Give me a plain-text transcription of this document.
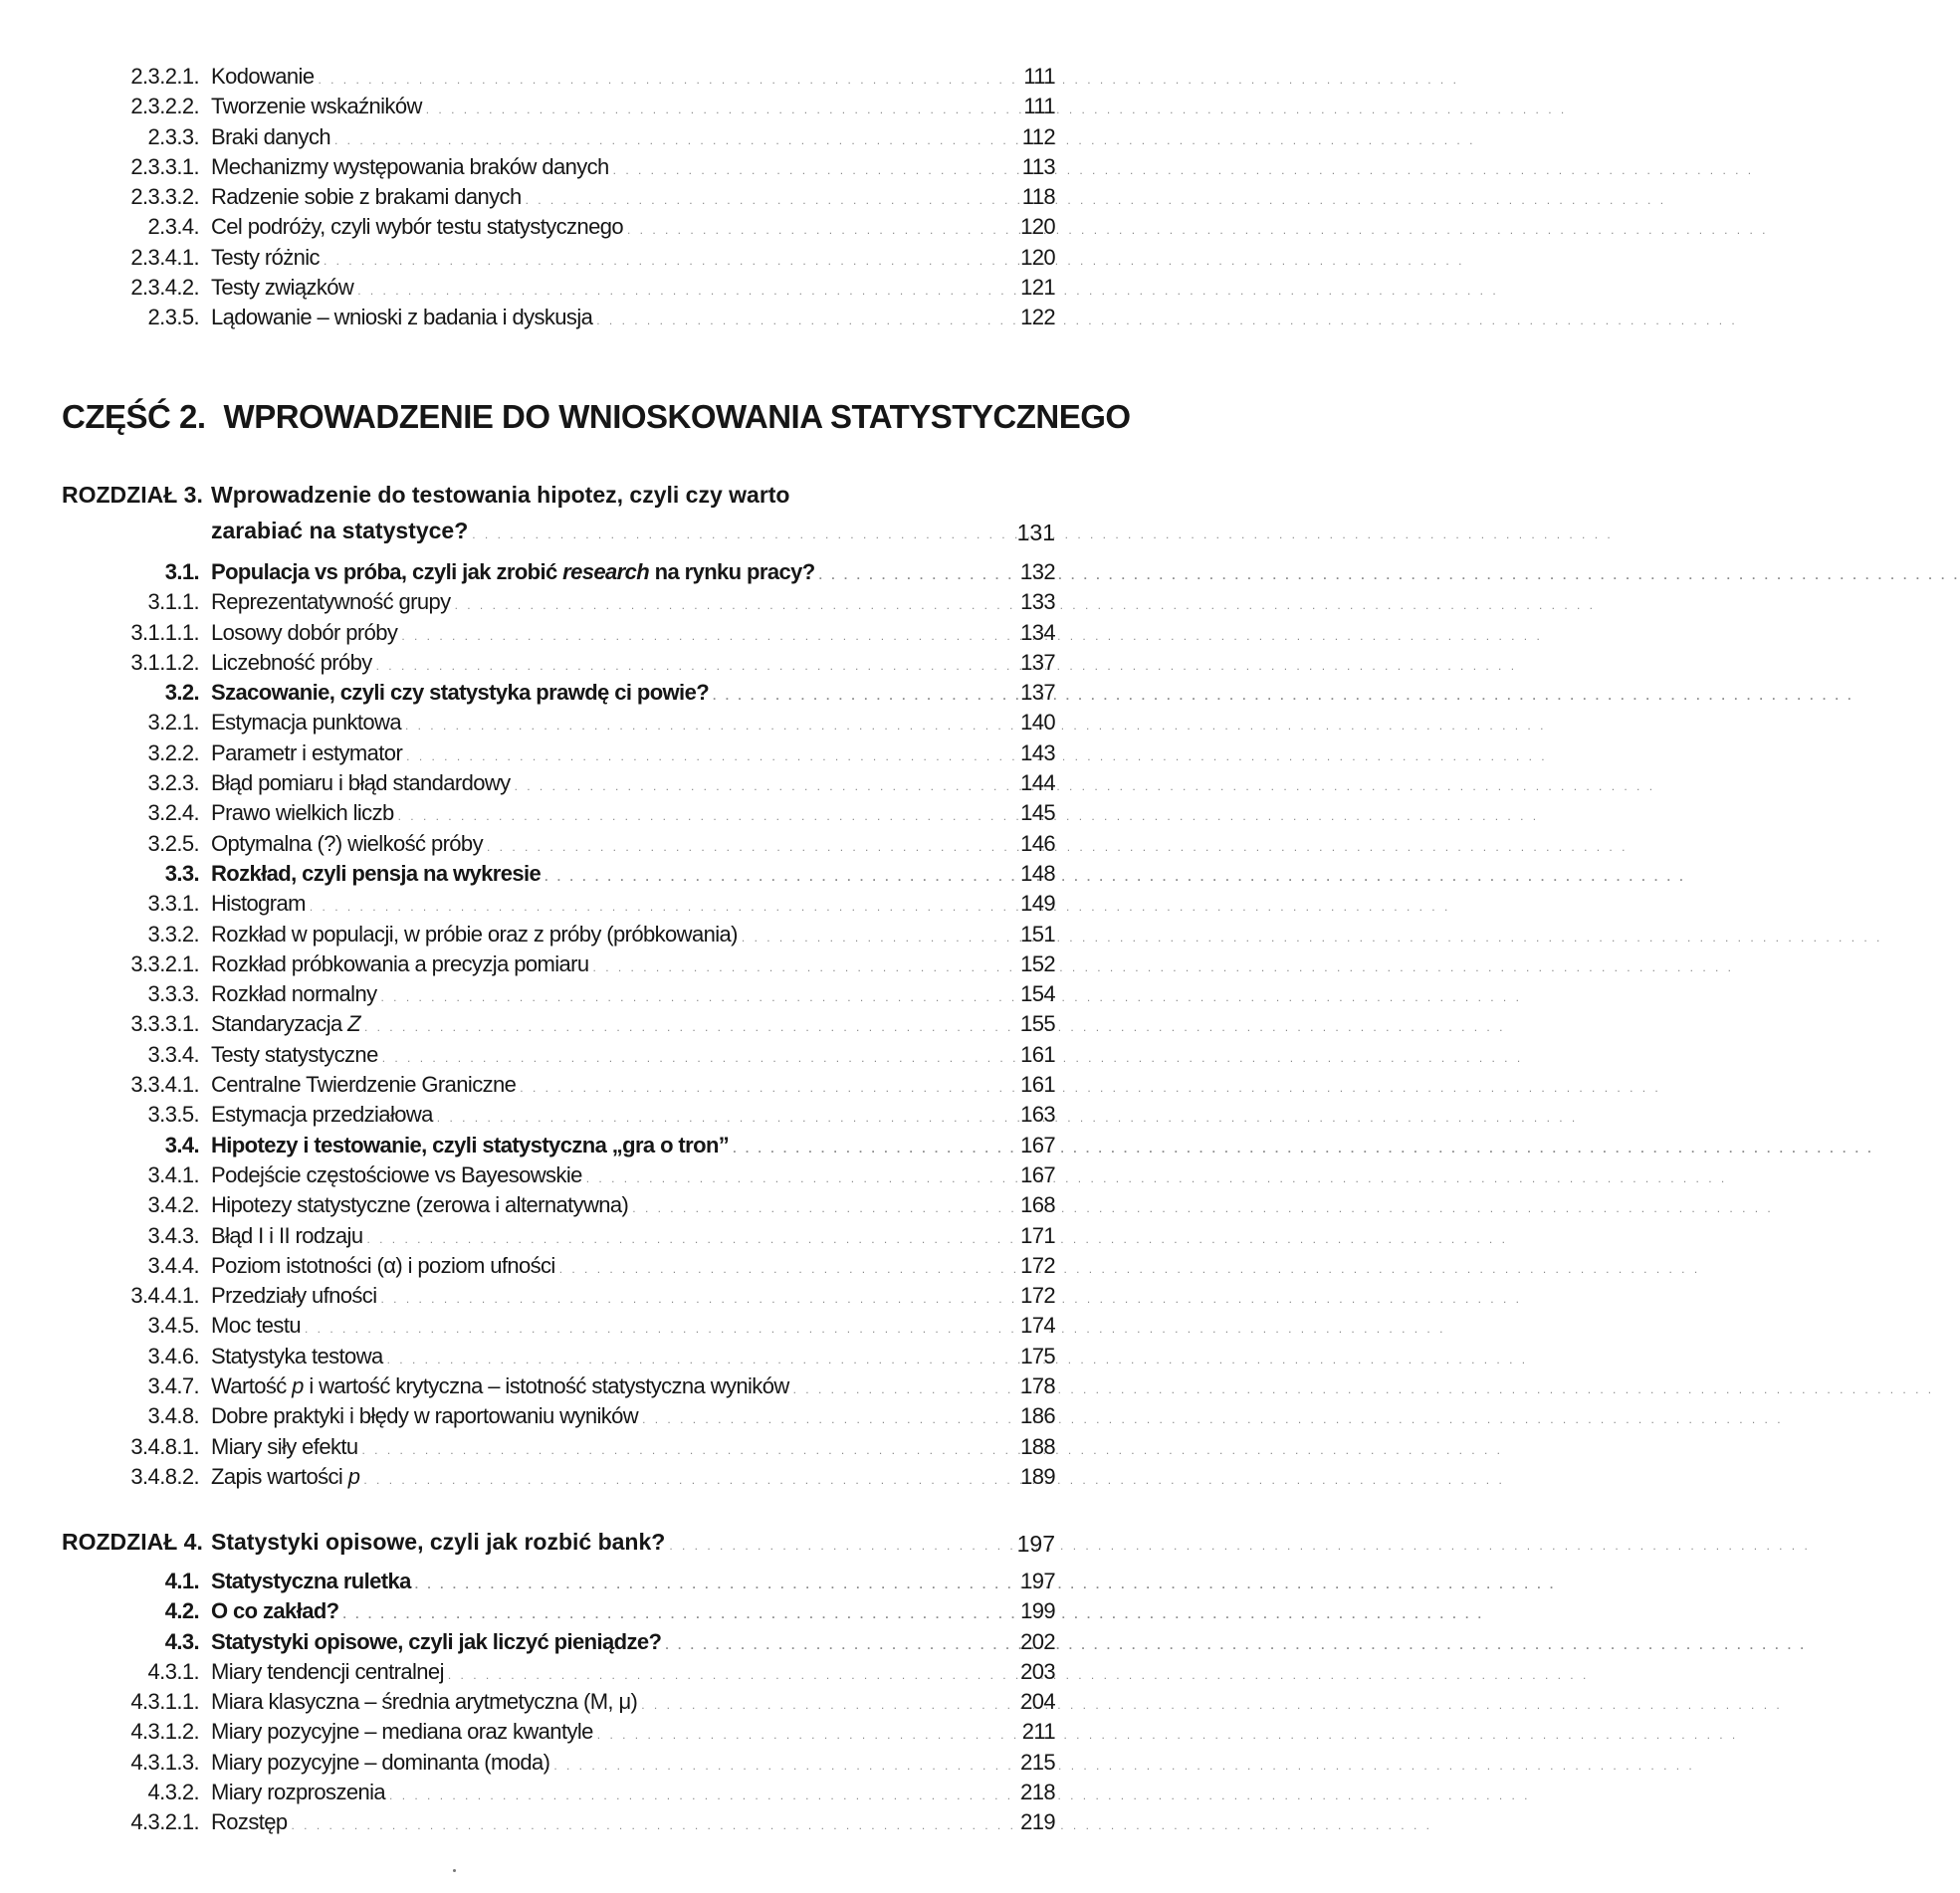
2.3.2.1. Kodowanie . . .	111
2.3.2.2. Tworzenie wskaźników . . .	111
2.3.3. Braki danych . . .	112
2.3.3.1. Mechanizmy występowania braków danych . . .	113
2.3.3.2. Radzenie sobie z brakami danych . . .	118
2.3.4. Cel podróży, czyli wybór testu statystycznego . . .	120
2.3.4.1. Testy różnic . . .	120
2.3.4.2. Testy związków . . .	121
2.3.5. Lądowanie – wnioski z badania i dyskusja . . .	122
CZĘŚĆ 2. WPROWADZENIE DO WNIOSKOWANIA STATYSTYCZNEGO
ROZDZIAŁ 3. Wprowadzenie do testowania hipotez, czyli czy warto
zarabiać na statystyce? . . .	131
3.1. Populacja vs próba, czyli jak zrobić research na rynku pracy? . . .	132
3.1.1. Reprezentatywność grupy . . .	133
3.1.1.1. Losowy dobór próby . . .	134
3.1.1.2. Liczebność próby . . .	137
3.2. Szacowanie, czyli czy statystyka prawdę ci powie? . . .	137
3.2.1. Estymacja punktowa . . .	140
3.2.2. Parametr i estymator . . .	143
3.2.3. Błąd pomiaru i błąd standardowy . . .	144
3.2.4. Prawo wielkich liczb . . .	145
3.2.5. Optymalna (?) wielkość próby . . .	146
3.3. Rozkład, czyli pensja na wykresie . . .	148
3.3.1. Histogram . . .	149
3.3.2. Rozkład w populacji, w próbie oraz z próby (próbkowania) . . .	151
3.3.2.1. Rozkład próbkowania a precyzja pomiaru . . .	152
3.3.3. Rozkład normalny . . .	154
3.3.3.1. Standaryzacja Z . . .	155
3.3.4. Testy statystyczne . . .	161
3.3.4.1. Centralne Twierdzenie Graniczne . . .	161
3.3.5. Estymacja przedziałowa . . .	163
3.4. Hipotezy i testowanie, czyli statystyczna „gra o tron” . . .	167
3.4.1. Podejście częstościowe vs Bayesowskie . . .	167
3.4.2. Hipotezy statystyczne (zerowa i alternatywna) . . .	168
3.4.3. Błąd I i II rodzaju . . .	171
3.4.4. Poziom istotności (α) i poziom ufności . . .	172
3.4.4.1. Przedziały ufności . . .	172
3.4.5. Moc testu . . .	174
3.4.6. Statystyka testowa . . .	175
3.4.7. Wartość p i wartość krytyczna – istotność statystyczna wyników . . .	178
3.4.8. Dobre praktyki i błędy w raportowaniu wyników . . .	186
3.4.8.1. Miary siły efektu . . .	188
3.4.8.2. Zapis wartości p . . .	189
ROZDZIAŁ 4. Statystyki opisowe, czyli jak rozbić bank? . . .	197
4.1. Statystyczna ruletka . . .	197
4.2. O co zakład? . . .	199
4.3. Statystyki opisowe, czyli jak liczyć pieniądze? . . .	202
4.3.1. Miary tendencji centralnej . . .	203
4.3.1.1. Miara klasyczna – średnia arytmetyczna (M, μ) . . .	204
4.3.1.2. Miary pozycyjne – mediana oraz kwantyle . . .	211
4.3.1.3. Miary pozycyjne – dominanta (moda) . . .	215
4.3.2. Miary rozproszenia . . .	218
4.3.2.1. Rozstęp . . .	219
